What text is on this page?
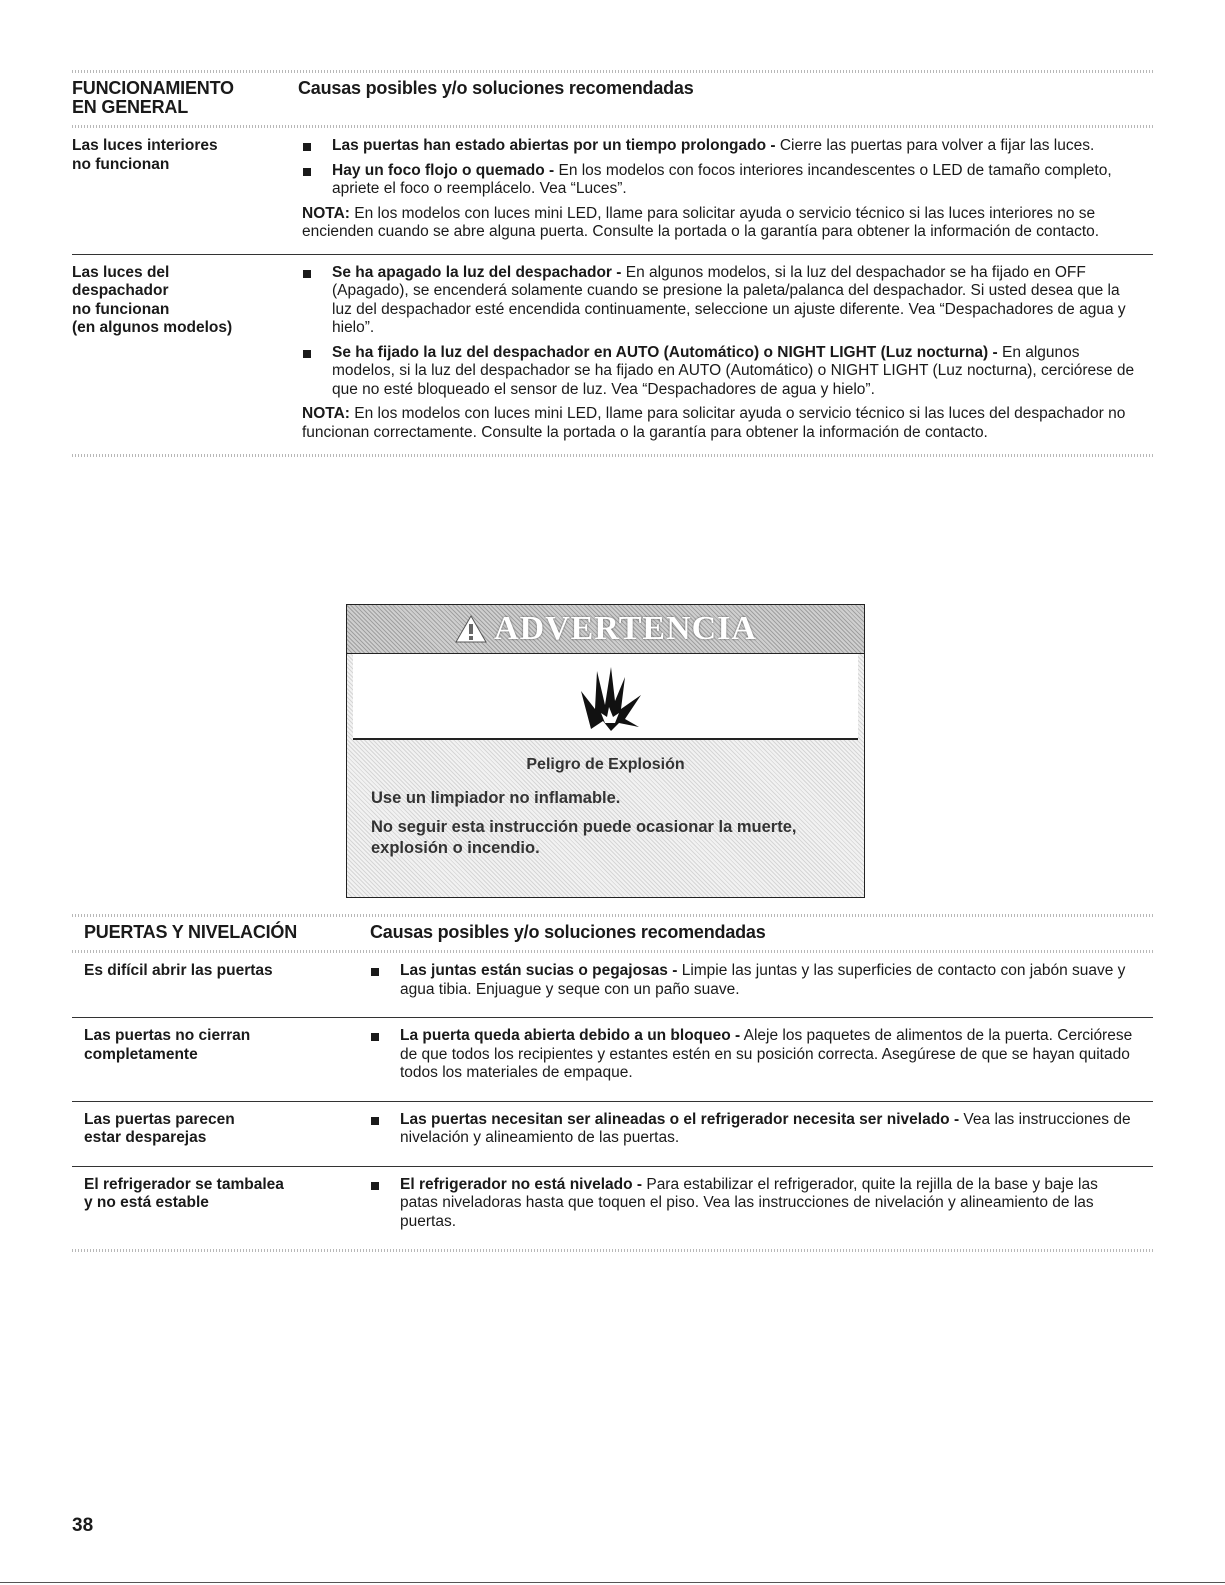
FUNCIONAMIENTO
EN GENERAL
Causas posibles y/o soluciones recomendadas
Las luces interiores
no funcionan
Las puertas han estado abiertas por un tiempo prolongado - Cierre las puertas para volver a fijar las luces.
Hay un foco flojo o quemado - En los modelos con focos interiores incandescentes o LED de tamaño completo, apriete el foco o reemplácelo. Vea “Luces”.
NOTA: En los modelos con luces mini LED, llame para solicitar ayuda o servicio técnico si las luces interiores no se encienden cuando se abre alguna puerta. Consulte la portada o la garantía para obtener la información de contacto.
Las luces del
despachador
no funcionan
(en algunos modelos)
Se ha apagado la luz del despachador - En algunos modelos, si la luz del despachador se ha fijado en OFF (Apagado), se encenderá solamente cuando se presione la paleta/palanca del despachador. Si usted desea que la luz del despachador esté encendida continuamente, seleccione un ajuste diferente. Vea “Despachadores de agua y hielo”.
Se ha fijado la luz del despachador en AUTO (Automático) o NIGHT LIGHT (Luz nocturna) - En algunos modelos, si la luz del despachador se ha fijado en AUTO (Automático) o NIGHT LIGHT (Luz nocturna), cerciórese de que no esté bloqueado el sensor de luz. Vea “Despachadores de agua y hielo”.
NOTA: En los modelos con luces mini LED, llame para solicitar ayuda o servicio técnico si las luces del despachador no funcionan correctamente. Consulte la portada o la garantía para obtener la información de contacto.
ADVERTENCIA
Peligro de Explosión
Use un limpiador no inflamable.
No seguir esta instrucción puede ocasionar la muerte, explosión o incendio.
PUERTAS Y NIVELACIÓN	Causas posibles y/o soluciones recomendadas
Es difícil abrir las puertas	Las juntas están sucias o pegajosas - Limpie las juntas y las superficies de contacto con jabón suave y agua tibia. Enjuague y seque con un paño suave.
Las puertas no cierran
completamente
La puerta queda abierta debido a un bloqueo - Aleje los paquetes de alimentos de la puerta. Cerciórese de que todos los recipientes y estantes estén en su posición correcta. Asegúrese de que se hayan quitado todos los materiales de empaque.
Las puertas parecen
estar desparejas
Las puertas necesitan ser alineadas o el refrigerador necesita ser nivelado - Vea las instrucciones de nivelación y alineamiento de las puertas.
El refrigerador se tambalea
y no está estable
El refrigerador no está nivelado - Para estabilizar el refrigerador, quite la rejilla de la base y baje las patas niveladoras hasta que toquen el piso. Vea las instrucciones de nivelación y alineamiento de las puertas.
38
